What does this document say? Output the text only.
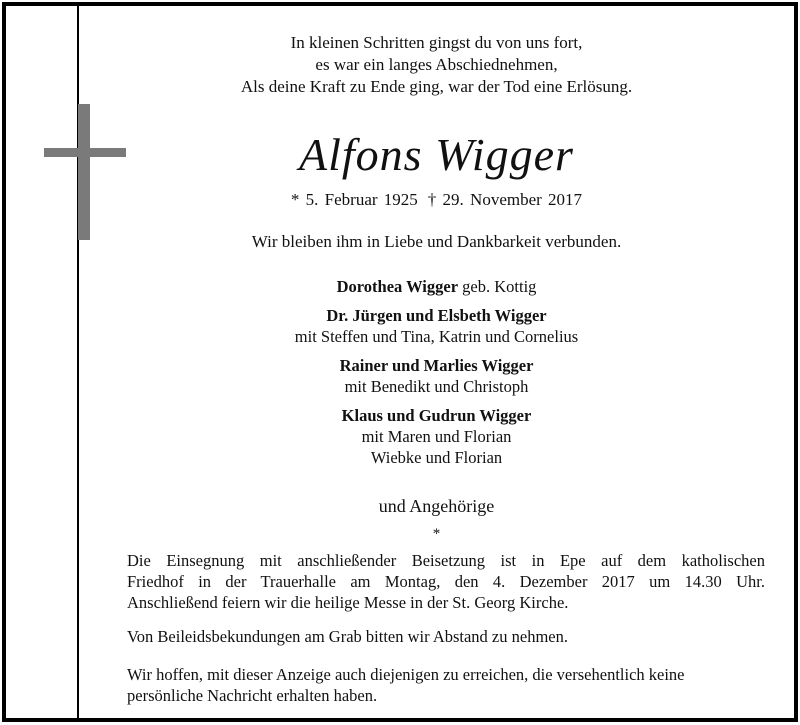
In kleinen Schritten gingst du von uns fort,
es war ein langes Abschiednehmen,
Als deine Kraft zu Ende ging, war der Tod eine Erlösung.
Alfons Wigger
* 5. Februar 1925 † 29. November 2017
Wir bleiben ihm in Liebe und Dankbarkeit verbunden.
Dorothea Wigger geb. Kottig
Dr. Jürgen und Elsbeth Wigger
mit Steffen und Tina, Katrin und Cornelius
Rainer und Marlies Wigger
mit Benedikt und Christoph
Klaus und Gudrun Wigger
mit Maren und Florian
Wiebke und Florian
und Angehörige
*
Die Einsegnung mit anschließender Beisetzung ist in Epe auf dem katholischen
Friedhof in der Trauerhalle am Montag, den 4. Dezember 2017 um 14.30 Uhr.
Anschließend feiern wir die heilige Messe in der St. Georg Kirche.
Von Beileidsbekundungen am Grab bitten wir Abstand zu nehmen.
Wir hoffen, mit dieser Anzeige auch diejenigen zu erreichen, die versehentlich keine
persönliche Nachricht erhalten haben.
